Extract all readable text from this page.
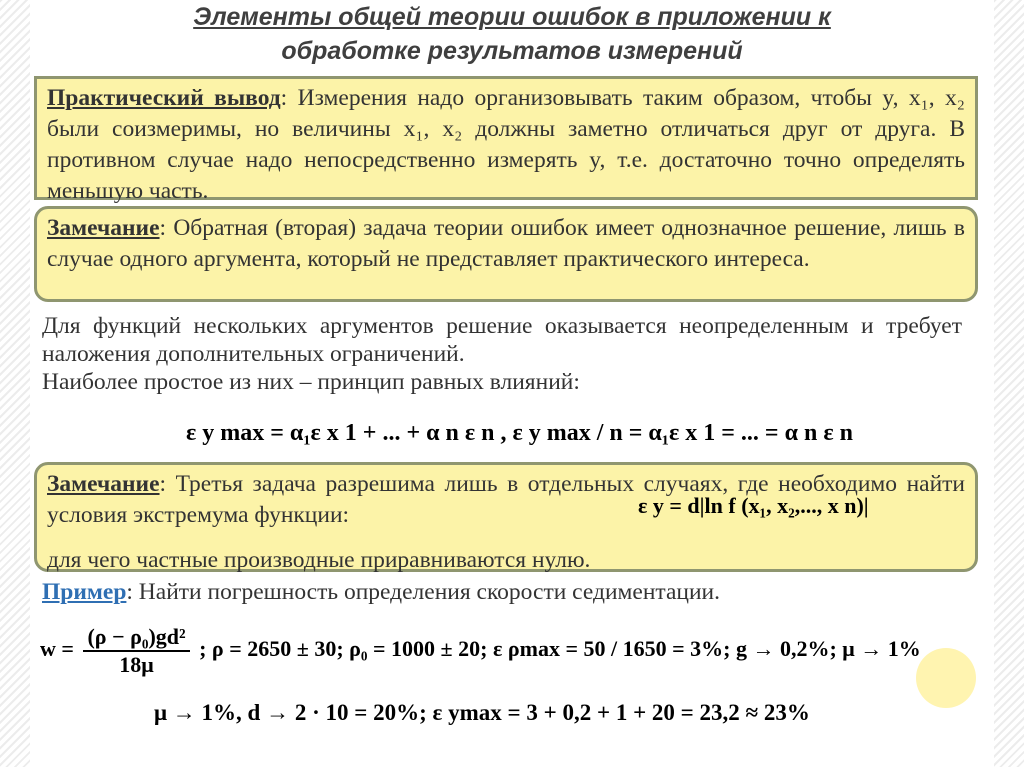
Элементы общей теории ошибок в приложении к
обработке результатов измерений
Практический вывод: Измерения надо организовывать таким образом, чтобы y, x₁, x₂ были соизмеримы, но величины x₁, x₂ должны заметно отличаться друг от друга. В противном случае надо непосредственно измерять y, т.е. достаточно точно определять меньшую часть.
Замечание: Обратная (вторая) задача теории ошибок имеет однозначное решение, лишь в случае одного аргумента, который не представляет практического интереса.
Для функций нескольких аргументов решение оказывается неопределенным и требует наложения дополнительных ограничений.
Наиболее простое из них – принцип равных влияний:
ε y max = α₁ε x 1 + ... + α n ε n , ε y max / n = α₁ε x 1 = ... = α n ε n
Замечание: Третья задача разрешима лишь в отдельных случаях, где необходимо найти условия экстремума функции:
для чего частные производные приравниваются нулю.
ε y = d|ln f (x₁, x₂,..., x n)|
Пример: Найти погрешность определения скорости седиментации.
$w = \frac{\text{(ρ − ρ₀)gd²}}{18\mu}$ ; ρ = 2650 ± 30; ρ₀ = 1000 ± 20; ε ρmax = 50 / 1650 = 3%; g → 0,2%; μ → 1%
μ → 1%, d → 2 · 10 = 20%; ε ymax = 3 + 0,2 + 1 + 20 = 23,2 ≈ 23%
